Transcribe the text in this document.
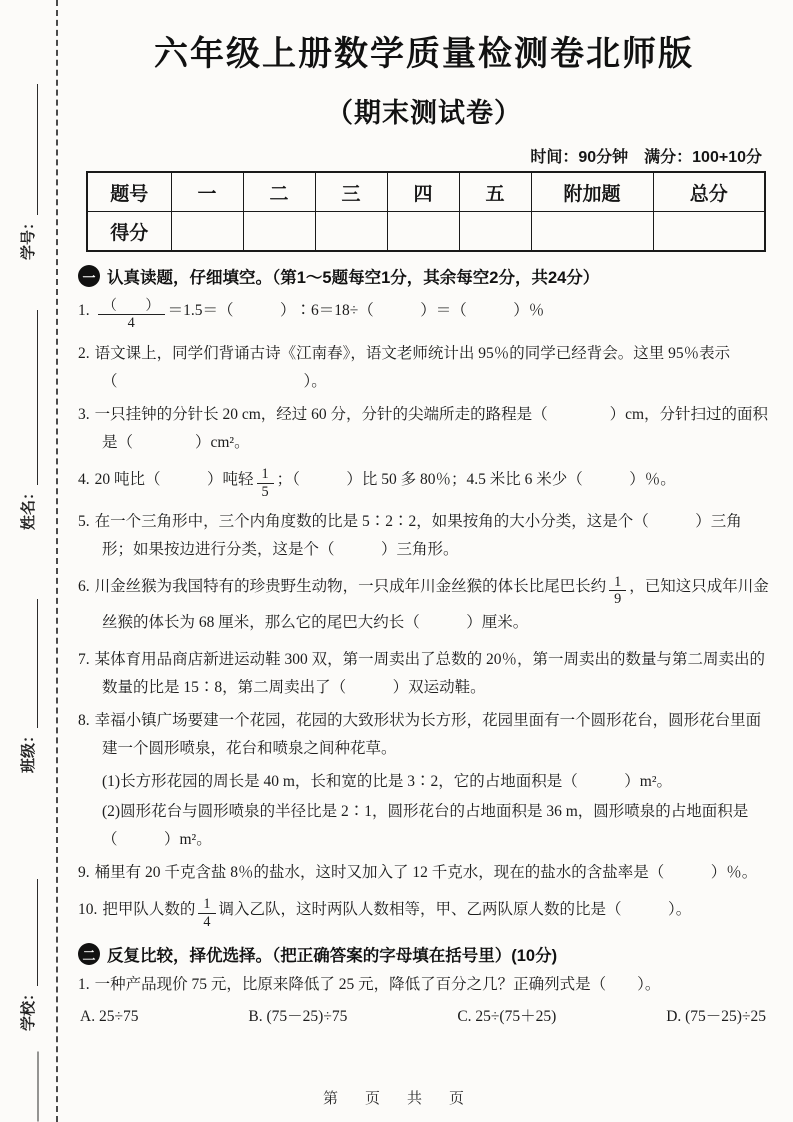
学号：
姓名：
班级：
学校：
六年级上册数学质量检测卷北师版
（期末测试卷）
时间：90分钟　满分：100+10分
题号	一	二	三	四	五	附加题	总分
得分							
一 认真读题，仔细填空。（第1～5题每空1分，其余每空2分，共24分）

1. $\frac{( )}{4} =1.5=$（　　　）∶6＝18÷（　　　）＝（　　　）％

2. 语文课上，同学们背诵古诗《江南春》，语文老师统计出 95％的同学已经背会。这里 95％表示（　　　　　　　　　　　　）。

3. 一只挂钟的分针长 20 cm，经过 60 分，分针的尖端所走的路程是（　　　　）cm，分针扫过的面积是（　　　　）cm²。

4. 20 吨比（　　　）吨轻 $\frac{1}{5}$ ；（　　　）比 50 多 80％；4.5 米比 6 米少（　　　）％。

5. 在一个三角形中，三个内角度数的比是 5∶2∶2，如果按角的大小分类，这是个（　　　）三角形；如果按边进行分类，这是个（　　　）三角形。

6. 川金丝猴为我国特有的珍贵野生动物，一只成年川金丝猴的体长比尾巴长约 $\frac{1}{9}$ ，已知这只成年川金丝猴的体长为 68 厘米，那么它的尾巴大约长（　　　）厘米。

7. 某体育用品商店新进运动鞋 300 双，第一周卖出了总数的 20％，第一周卖出的数量与第二周卖出的数量的比是 15∶8，第二周卖出了（　　　）双运动鞋。

8. 幸福小镇广场要建一个花园，花园的大致形状为长方形，花园里面有一个圆形花台，圆形花台里面建一个圆形喷泉，花台和喷泉之间种花草。

(1)长方形花园的周长是 40 m，长和宽的比是 3∶2，它的占地面积是（　　　）m²。

(2)圆形花台与圆形喷泉的半径比是 2∶1，圆形花台的占地面积是 36 m，圆形喷泉的占地面积是（　　　）m²。

9. 桶里有 20 千克含盐 8％的盐水，这时又加入了 12 千克水，现在的盐水的含盐率是（　　　）％。

10. 把甲队人数的 $\frac{1}{4}$ 调入乙队，这时两队人数相等，甲、乙两队原人数的比是（　　　）。

二 反复比较，择优选择。（把正确答案的字母填在括号里）(10分)

1. 一种产品现价 75 元，比原来降低了 25 元，降低了百分之几？正确列式是（　　）。

A. 25÷75	B. (75－25)÷75	C. 25÷(75＋25)	D. (75－25)÷25
第　页　共　页
